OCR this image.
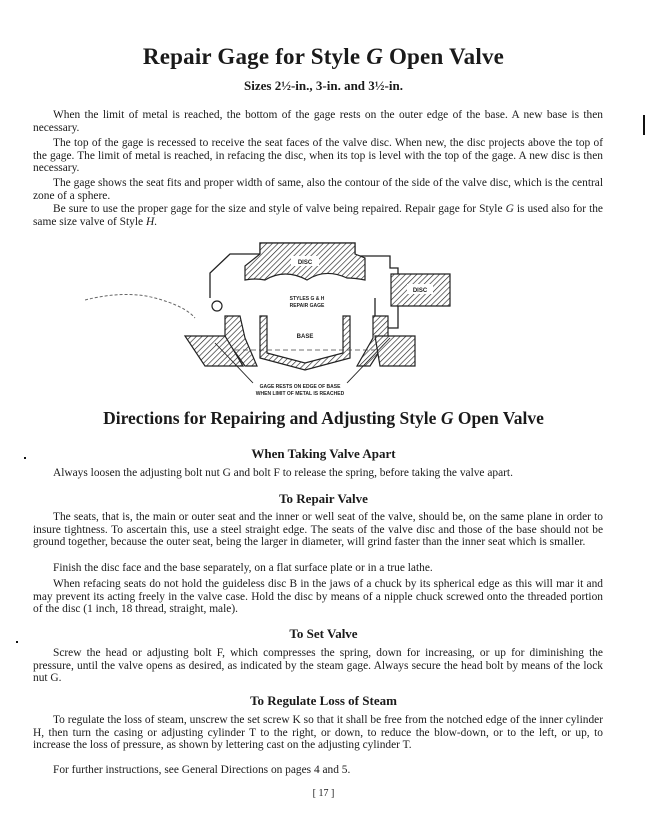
Repair Gage for Style G Open Valve
Sizes 2½-in., 3-in. and 3½-in.

When the limit of metal is reached, the bottom of the gage rests on the outer edge of the base. A new base is then necessary.

The top of the gage is recessed to receive the seat faces of the valve disc. When new, the disc projects above the top of the gage. The limit of metal is reached, in refacing the disc, when its top is level with the top of the gage. A new disc is then necessary.

The gage shows the seat fits and proper width of same, also the contour of the side of the valve disc, which is the central zone of a sphere.

Be sure to use the proper gage for the size and style of valve being repaired. Repair gage for Style G is used also for the same size valve of Style H.

DISC
DISC
STYLES G & H
REPAIR GAGE
BASE
GAGE RESTS ON EDGE OF BASE
WHEN LIMIT OF METAL IS REACHED
Directions for Repairing and Adjusting Style G Open Valve
When Taking Valve Apart

Always loosen the adjusting bolt nut G and bolt F to release the spring, before taking the valve apart.

To Repair Valve

The seats, that is, the main or outer seat and the inner or well seat of the valve, should be, on the same plane in order to insure tightness. To ascertain this, use a steel straight edge. The seats of the valve disc and those of the base should not be ground together, because the outer seat, being the larger in diameter, will grind faster than the inner seat which is smaller.

Finish the disc face and the base separately, on a flat surface plate or in a true lathe.

When refacing seats do not hold the guideless disc B in the jaws of a chuck by its spherical edge as this will mar it and may prevent its acting freely in the valve case. Hold the disc by means of a nipple chuck screwed onto the threaded portion of the disc (1 inch, 18 thread, straight, male).

To Set Valve

Screw the head or adjusting bolt F, which compresses the spring, down for increasing, or up for diminishing the pressure, until the valve opens as desired, as indicated by the steam gage. Always secure the head bolt by means of the lock nut G.

To Regulate Loss of Steam

To regulate the loss of steam, unscrew the set screw K so that it shall be free from the notched edge of the inner cylinder H, then turn the casing or adjusting cylinder T to the right, or down, to reduce the blow-down, or to the left, or up, to increase the loss of pressure, as shown by lettering cast on the adjusting cylinder T.

For further instructions, see General Directions on pages 4 and 5.

[ 17 ]
